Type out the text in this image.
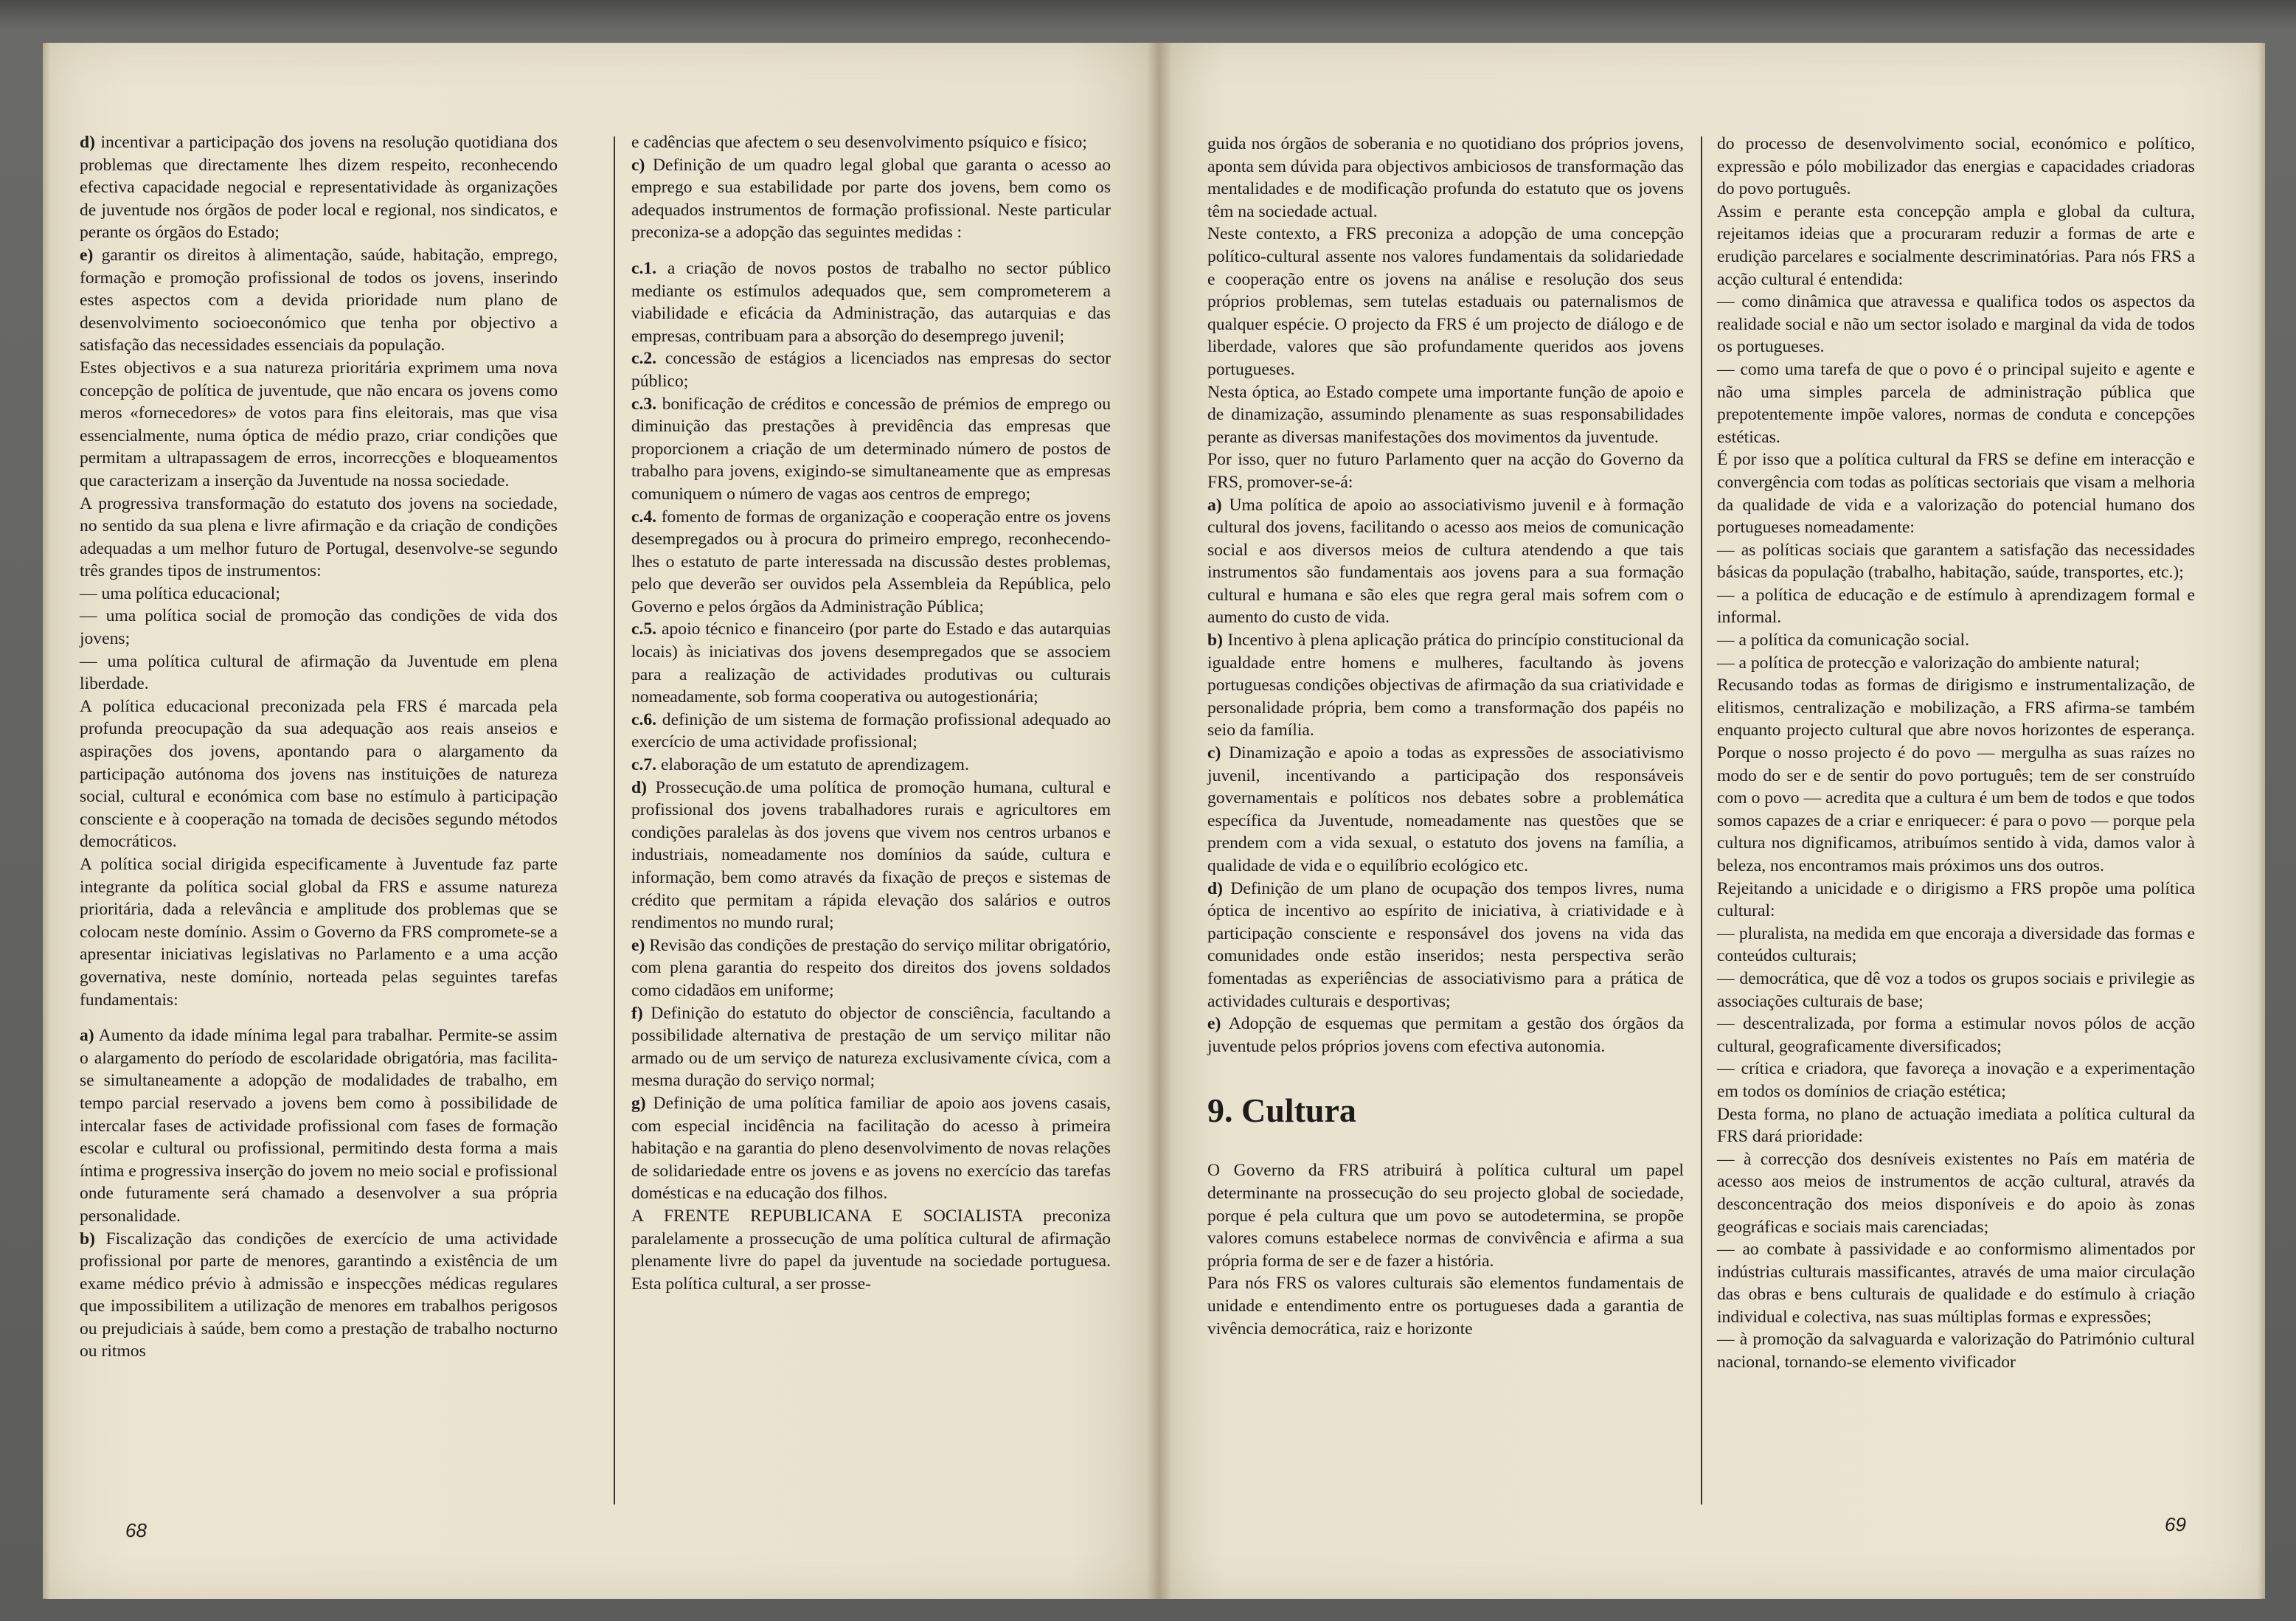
d) incentivar a participação dos jovens na resolução quotidiana dos problemas que directamente lhes dizem respeito, reconhecendo efectiva capacidade negocial e representatividade às organizações de juventude nos órgãos de poder local e regional, nos sindicatos, e perante os órgãos do Estado;

e) garantir os direitos à alimentação, saúde, habitação, emprego, formação e promoção profissional de todos os jovens, inserindo estes aspectos com a devida prioridade num plano de desenvolvimento socioeconómico que tenha por objectivo a satisfação das necessidades essenciais da população.

Estes objectivos e a sua natureza prioritária exprimem uma nova concepção de política de juventude, que não encara os jovens como meros «fornecedores» de votos para fins eleitorais, mas que visa essencialmente, numa óptica de médio prazo, criar condições que permitam a ultrapassagem de erros, incorrecções e bloqueamentos que caracterizam a inserção da Juventude na nossa sociedade.

A progressiva transformação do estatuto dos jovens na sociedade, no sentido da sua plena e livre afirmação e da criação de condições adequadas a um melhor futuro de Portugal, desenvolve-se segundo três grandes tipos de instrumentos:

— uma política educacional;

— uma política social de promoção das condições de vida dos jovens;

— uma política cultural de afirmação da Juventude em plena liberdade.

A política educacional preconizada pela FRS é marcada pela profunda preocupação da sua adequação aos reais anseios e aspirações dos jovens, apontando para o alargamento da participação autónoma dos jovens nas instituições de natureza social, cultural e económica com base no estímulo à participação consciente e à cooperação na tomada de decisões segundo métodos democráticos.

A política social dirigida especificamente à Juventude faz parte integrante da política social global da FRS e assume natureza prioritária, dada a relevância e amplitude dos problemas que se colocam neste domínio. Assim o Governo da FRS compromete-se a apresentar iniciativas legislativas no Parlamento e a uma acção governativa, neste domínio, norteada pelas seguintes tarefas fundamentais:

a) Aumento da idade mínima legal para trabalhar. Permite-se assim o alargamento do período de escolaridade obrigatória, mas facilita-se simultaneamente a adopção de modalidades de trabalho, em tempo parcial reservado a jovens bem como à possibilidade de intercalar fases de actividade profissional com fases de formação escolar e cultural ou profissional, permitindo desta forma a mais íntima e progressiva inserção do jovem no meio social e profissional onde futuramente será chamado a desenvolver a sua própria personalidade.

b) Fiscalização das condições de exercício de uma actividade profissional por parte de menores, garantindo a existência de um exame médico prévio à admissão e inspecções médicas regulares que impossibilitem a utilização de menores em trabalhos perigosos ou prejudiciais à saúde, bem como a prestação de trabalho nocturno ou ritmos

e cadências que afectem o seu desenvolvimento psíquico e físico;

c) Definição de um quadro legal global que garanta o acesso ao emprego e sua estabilidade por parte dos jovens, bem como os adequados instrumentos de formação profissional. Neste particular preconiza-se a adopção das seguintes medidas :

c.1. a criação de novos postos de trabalho no sector público mediante os estímulos adequados que, sem comprometerem a viabilidade e eficácia da Administração, das autarquias e das empresas, contribuam para a absorção do desemprego juvenil;

c.2. concessão de estágios a licenciados nas empresas do sector público;

c.3. bonificação de créditos e concessão de prémios de emprego ou diminuição das prestações à previdência das empresas que proporcionem a criação de um determinado número de postos de trabalho para jovens, exigindo-se simultaneamente que as empresas comuniquem o número de vagas aos centros de emprego;

c.4. fomento de formas de organização e cooperação entre os jovens desempregados ou à procura do primeiro emprego, reconhecendo-lhes o estatuto de parte interessada na discussão destes problemas, pelo que deverão ser ouvidos pela Assembleia da República, pelo Governo e pelos órgãos da Administração Pública;

c.5. apoio técnico e financeiro (por parte do Estado e das autarquias locais) às iniciativas dos jovens desempregados que se associem para a realização de actividades produtivas ou culturais nomeadamente, sob forma cooperativa ou autogestionária;

c.6. definição de um sistema de formação profissional adequado ao exercício de uma actividade profissional;

c.7. elaboração de um estatuto de aprendizagem.

d) Prossecução.de uma política de promoção humana, cultural e profissional dos jovens trabalhadores rurais e agricultores em condições paralelas às dos jovens que vivem nos centros urbanos e industriais, nomeadamente nos domínios da saúde, cultura e informação, bem como através da fixação de preços e sistemas de crédito que permitam a rápida elevação dos salários e outros rendimentos no mundo rural;

e) Revisão das condições de prestação do serviço militar obrigatório, com plena garantia do respeito dos direitos dos jovens soldados como cidadãos em uniforme;

f) Definição do estatuto do objector de consciência, facultando a possibilidade alternativa de prestação de um serviço militar não armado ou de um serviço de natureza exclusivamente cívica, com a mesma duração do serviço normal;

g) Definição de uma política familiar de apoio aos jovens casais, com especial incidência na facilitação do acesso à primeira habitação e na garantia do pleno desenvolvimento de novas relações de solidariedade entre os jovens e as jovens no exercício das tarefas domésticas e na educação dos filhos.

A FRENTE REPUBLICANA E SOCIALISTA preconiza paralelamente a prossecução de uma política cultural de afirmação plenamente livre do papel da juventude na sociedade portuguesa. Esta política cultural, a ser prosse-

guida nos órgãos de soberania e no quotidiano dos próprios jovens, aponta sem dúvida para objectivos ambiciosos de transformação das mentalidades e de modificação profunda do estatuto que os jovens têm na sociedade actual.

Neste contexto, a FRS preconiza a adopção de uma concepção político-cultural assente nos valores fundamentais da solidariedade e cooperação entre os jovens na análise e resolução dos seus próprios problemas, sem tutelas estaduais ou paternalismos de qualquer espécie. O projecto da FRS é um projecto de diálogo e de liberdade, valores que são profundamente queridos aos jovens portugueses.

Nesta óptica, ao Estado compete uma importante função de apoio e de dinamização, assumindo plenamente as suas responsabilidades perante as diversas manifestações dos movimentos da juventude.

Por isso, quer no futuro Parlamento quer na acção do Governo da FRS, promover-se-á:

a) Uma política de apoio ao associativismo juvenil e à formação cultural dos jovens, facilitando o acesso aos meios de comunicação social e aos diversos meios de cultura atendendo a que tais instrumentos são fundamentais aos jovens para a sua formação cultural e humana e são eles que regra geral mais sofrem com o aumento do custo de vida.

b) Incentivo à plena aplicação prática do princípio constitucional da igualdade entre homens e mulheres, facultando às jovens portuguesas condições objectivas de afirmação da sua criatividade e personalidade própria, bem como a transformação dos papéis no seio da família.

c) Dinamização e apoio a todas as expressões de associativismo juvenil, incentivando a participação dos responsáveis governamentais e políticos nos debates sobre a problemática específica da Juventude, nomeadamente nas questões que se prendem com a vida sexual, o estatuto dos jovens na família, a qualidade de vida e o equilíbrio ecológico etc.

d) Definição de um plano de ocupação dos tempos livres, numa óptica de incentivo ao espírito de iniciativa, à criatividade e à participação consciente e responsável dos jovens na vida das comunidades onde estão inseridos; nesta perspectiva serão fomentadas as experiências de associativismo para a prática de actividades culturais e desportivas;

e) Adopção de esquemas que permitam a gestão dos órgãos da juventude pelos próprios jovens com efectiva autonomia.

9. Cultura

O Governo da FRS atribuirá à política cultural um papel determinante na prossecução do seu projecto global de sociedade, porque é pela cultura que um povo se autodetermina, se propõe valores comuns estabelece normas de convivência e afirma a sua própria forma de ser e de fazer a história.

Para nós FRS os valores culturais são elementos fundamentais de unidade e entendimento entre os portugueses dada a garantia de vivência democrática, raiz e horizonte

do processo de desenvolvimento social, económico e político, expressão e pólo mobilizador das energias e capacidades criadoras do povo português.

Assim e perante esta concepção ampla e global da cultura, rejeitamos ideias que a procuraram reduzir a formas de arte e erudição parcelares e socialmente descriminatórias. Para nós FRS a acção cultural é entendida:

— como dinâmica que atravessa e qualifica todos os aspectos da realidade social e não um sector isolado e marginal da vida de todos os portugueses.

— como uma tarefa de que o povo é o principal sujeito e agente e não uma simples parcela de administração pública que prepotentemente impõe valores, normas de conduta e concepções estéticas.

É por isso que a política cultural da FRS se define em interacção e convergência com todas as políticas sectoriais que visam a melhoria da qualidade de vida e a valorização do potencial humano dos portugueses nomeadamente:

— as políticas sociais que garantem a satisfação das necessidades básicas da população (trabalho, habitação, saúde, transportes, etc.);

— a política de educação e de estímulo à aprendizagem formal e informal.

— a política da comunicação social.

— a política de protecção e valorização do ambiente natural;

Recusando todas as formas de dirigismo e instrumentalização, de elitismos, centralização e mobilização, a FRS afirma-se também enquanto projecto cultural que abre novos horizontes de esperança. Porque o nosso projecto é do povo — mergulha as suas raízes no modo do ser e de sentir do povo português; tem de ser construído com o povo — acredita que a cultura é um bem de todos e que todos somos capazes de a criar e enriquecer: é para o povo — porque pela cultura nos dignificamos, atribuímos sentido à vida, damos valor à beleza, nos encontramos mais próximos uns dos outros.

Rejeitando a unicidade e o dirigismo a FRS propõe uma política cultural:

— pluralista, na medida em que encoraja a diversidade das formas e conteúdos culturais;

— democrática, que dê voz a todos os grupos sociais e privilegie as associações culturais de base;

— descentralizada, por forma a estimular novos pólos de acção cultural, geograficamente diversificados;

— crítica e criadora, que favoreça a inovação e a experimentação em todos os domínios de criação estética;

Desta forma, no plano de actuação imediata a política cultural da FRS dará prioridade:

— à correcção dos desníveis existentes no País em matéria de acesso aos meios de instrumentos de acção cultural, através da desconcentração dos meios disponíveis e do apoio às zonas geográficas e sociais mais carenciadas;

— ao combate à passividade e ao conformismo alimentados por indústrias culturais massificantes, através de uma maior circulação das obras e bens culturais de qualidade e do estímulo à criação individual e colectiva, nas suas múltiplas formas e expressões;

— à promoção da salvaguarda e valorização do Património cultural nacional, tornando-se elemento vivificador

68	69
